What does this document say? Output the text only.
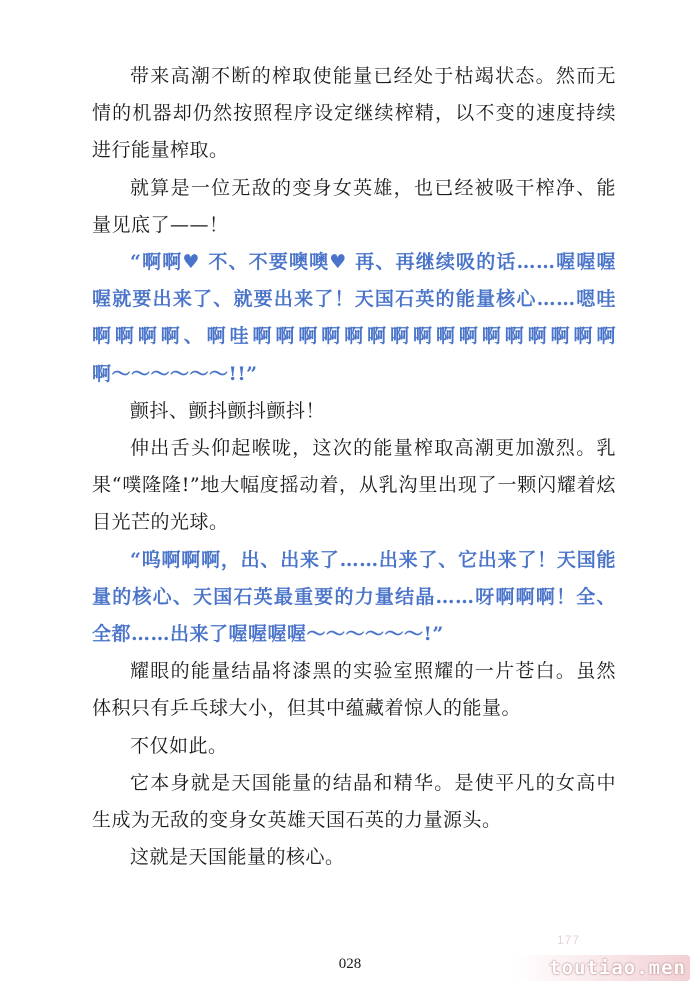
带来高潮不断的榨取使能量已经处于枯竭状态。然而无情的机器却仍然按照程序设定继续榨精，以不变的速度持续进行能量榨取。

就算是一位无敌的变身女英雄，也已经被吸干榨净、能量见底了——！

“啊啊♥ 不、不要噢噢♥ 再、再继续吸的话……喔喔喔喔就要出来了、就要出来了！天国石英的能量核心……嗯哇啊啊啊啊、啊哇啊啊啊啊啊啊啊啊啊啊啊啊啊啊啊啊啊〜〜〜〜〜〜!!”

颤抖、颤抖颤抖颤抖！

伸出舌头仰起喉咙，这次的能量榨取高潮更加激烈。乳果“噗隆隆!”地大幅度摇动着，从乳沟里出现了一颗闪耀着炫目光芒的光球。

“呜啊啊啊，出、出来了……出来了、它出来了！天国能量的核心、天国石英最重要的力量结晶……呀啊啊啊！全、全都……出来了喔喔喔喔〜〜〜〜〜〜!”

耀眼的能量结晶将漆黑的实验室照耀的一片苍白。虽然体积只有乒乓球大小，但其中蕴藏着惊人的能量。

不仅如此。

它本身就是天国能量的结晶和精华。是使平凡的女高中生成为无敌的变身女英雄天国石英的力量源头。

这就是天国能量的核心。

028
177
toutiao.men
